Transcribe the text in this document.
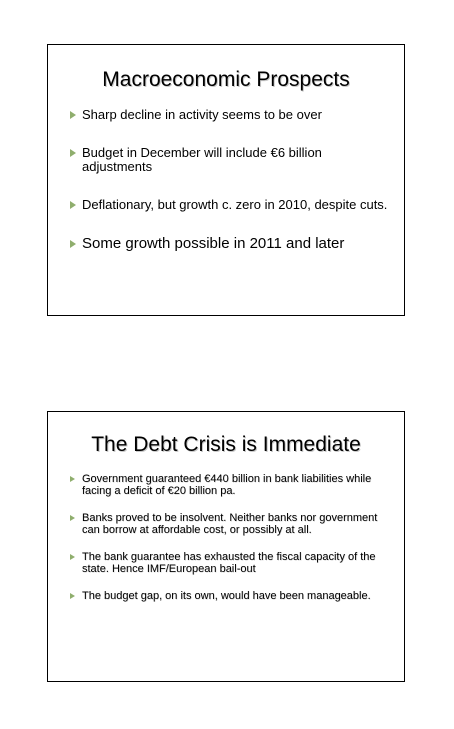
Macroeconomic Prospects
Sharp decline in activity seems to be over
Budget in December will include €6 billion adjustments
Deflationary, but growth c. zero in 2010, despite cuts.
Some growth possible in 2011 and later
The Debt Crisis is Immediate
Government guaranteed €440 billion in bank liabilities while facing a deficit of €20 billion pa.
Banks proved to be insolvent. Neither banks nor government can borrow at affordable cost, or possibly at all.
The bank guarantee has exhausted the fiscal capacity of the state. Hence IMF/European bail-out
The budget gap, on its own, would have been manageable.
